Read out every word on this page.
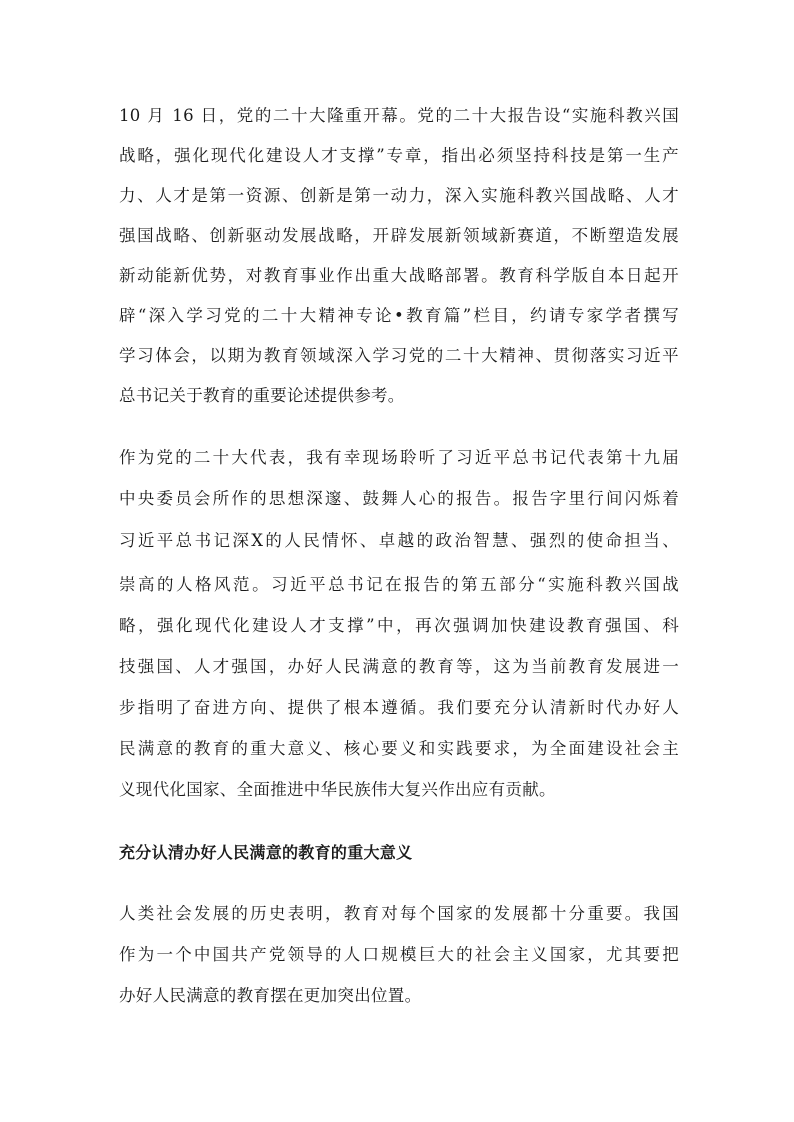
10 月 16 日，党的二十大隆重开幕。党的二十大报告设“实施科教兴国
战略，强化现代化建设人才支撑”专章，指出必须坚持科技是第一生产
力、人才是第一资源、创新是第一动力，深入实施科教兴国战略、人才
强国战略、创新驱动发展战略，开辟发展新领域新赛道，不断塑造发展
新动能新优势，对教育事业作出重大战略部署。教育科学版自本日起开
辟“深入学习党的二十大精神专论•教育篇”栏目，约请专家学者撰写
学习体会，以期为教育领域深入学习党的二十大精神、贯彻落实习近平
总书记关于教育的重要论述提供参考。
作为党的二十大代表，我有幸现场聆听了习近平总书记代表第十九届
中央委员会所作的思想深邃、鼓舞人心的报告。报告字里行间闪烁着
习近平总书记深X的人民情怀、卓越的政治智慧、强烈的使命担当、
崇高的人格风范。习近平总书记在报告的第五部分“实施科教兴国战
略，强化现代化建设人才支撑”中，再次强调加快建设教育强国、科
技强国、人才强国，办好人民满意的教育等，这为当前教育发展进一
步指明了奋进方向、提供了根本遵循。我们要充分认清新时代办好人
民满意的教育的重大意义、核心要义和实践要求，为全面建设社会主
义现代化国家、全面推进中华民族伟大复兴作出应有贡献。
充分认清办好人民满意的教育的重大意义
人类社会发展的历史表明，教育对每个国家的发展都十分重要。我国
作为一个中国共产党领导的人口规模巨大的社会主义国家，尤其要把
办好人民满意的教育摆在更加突出位置。
